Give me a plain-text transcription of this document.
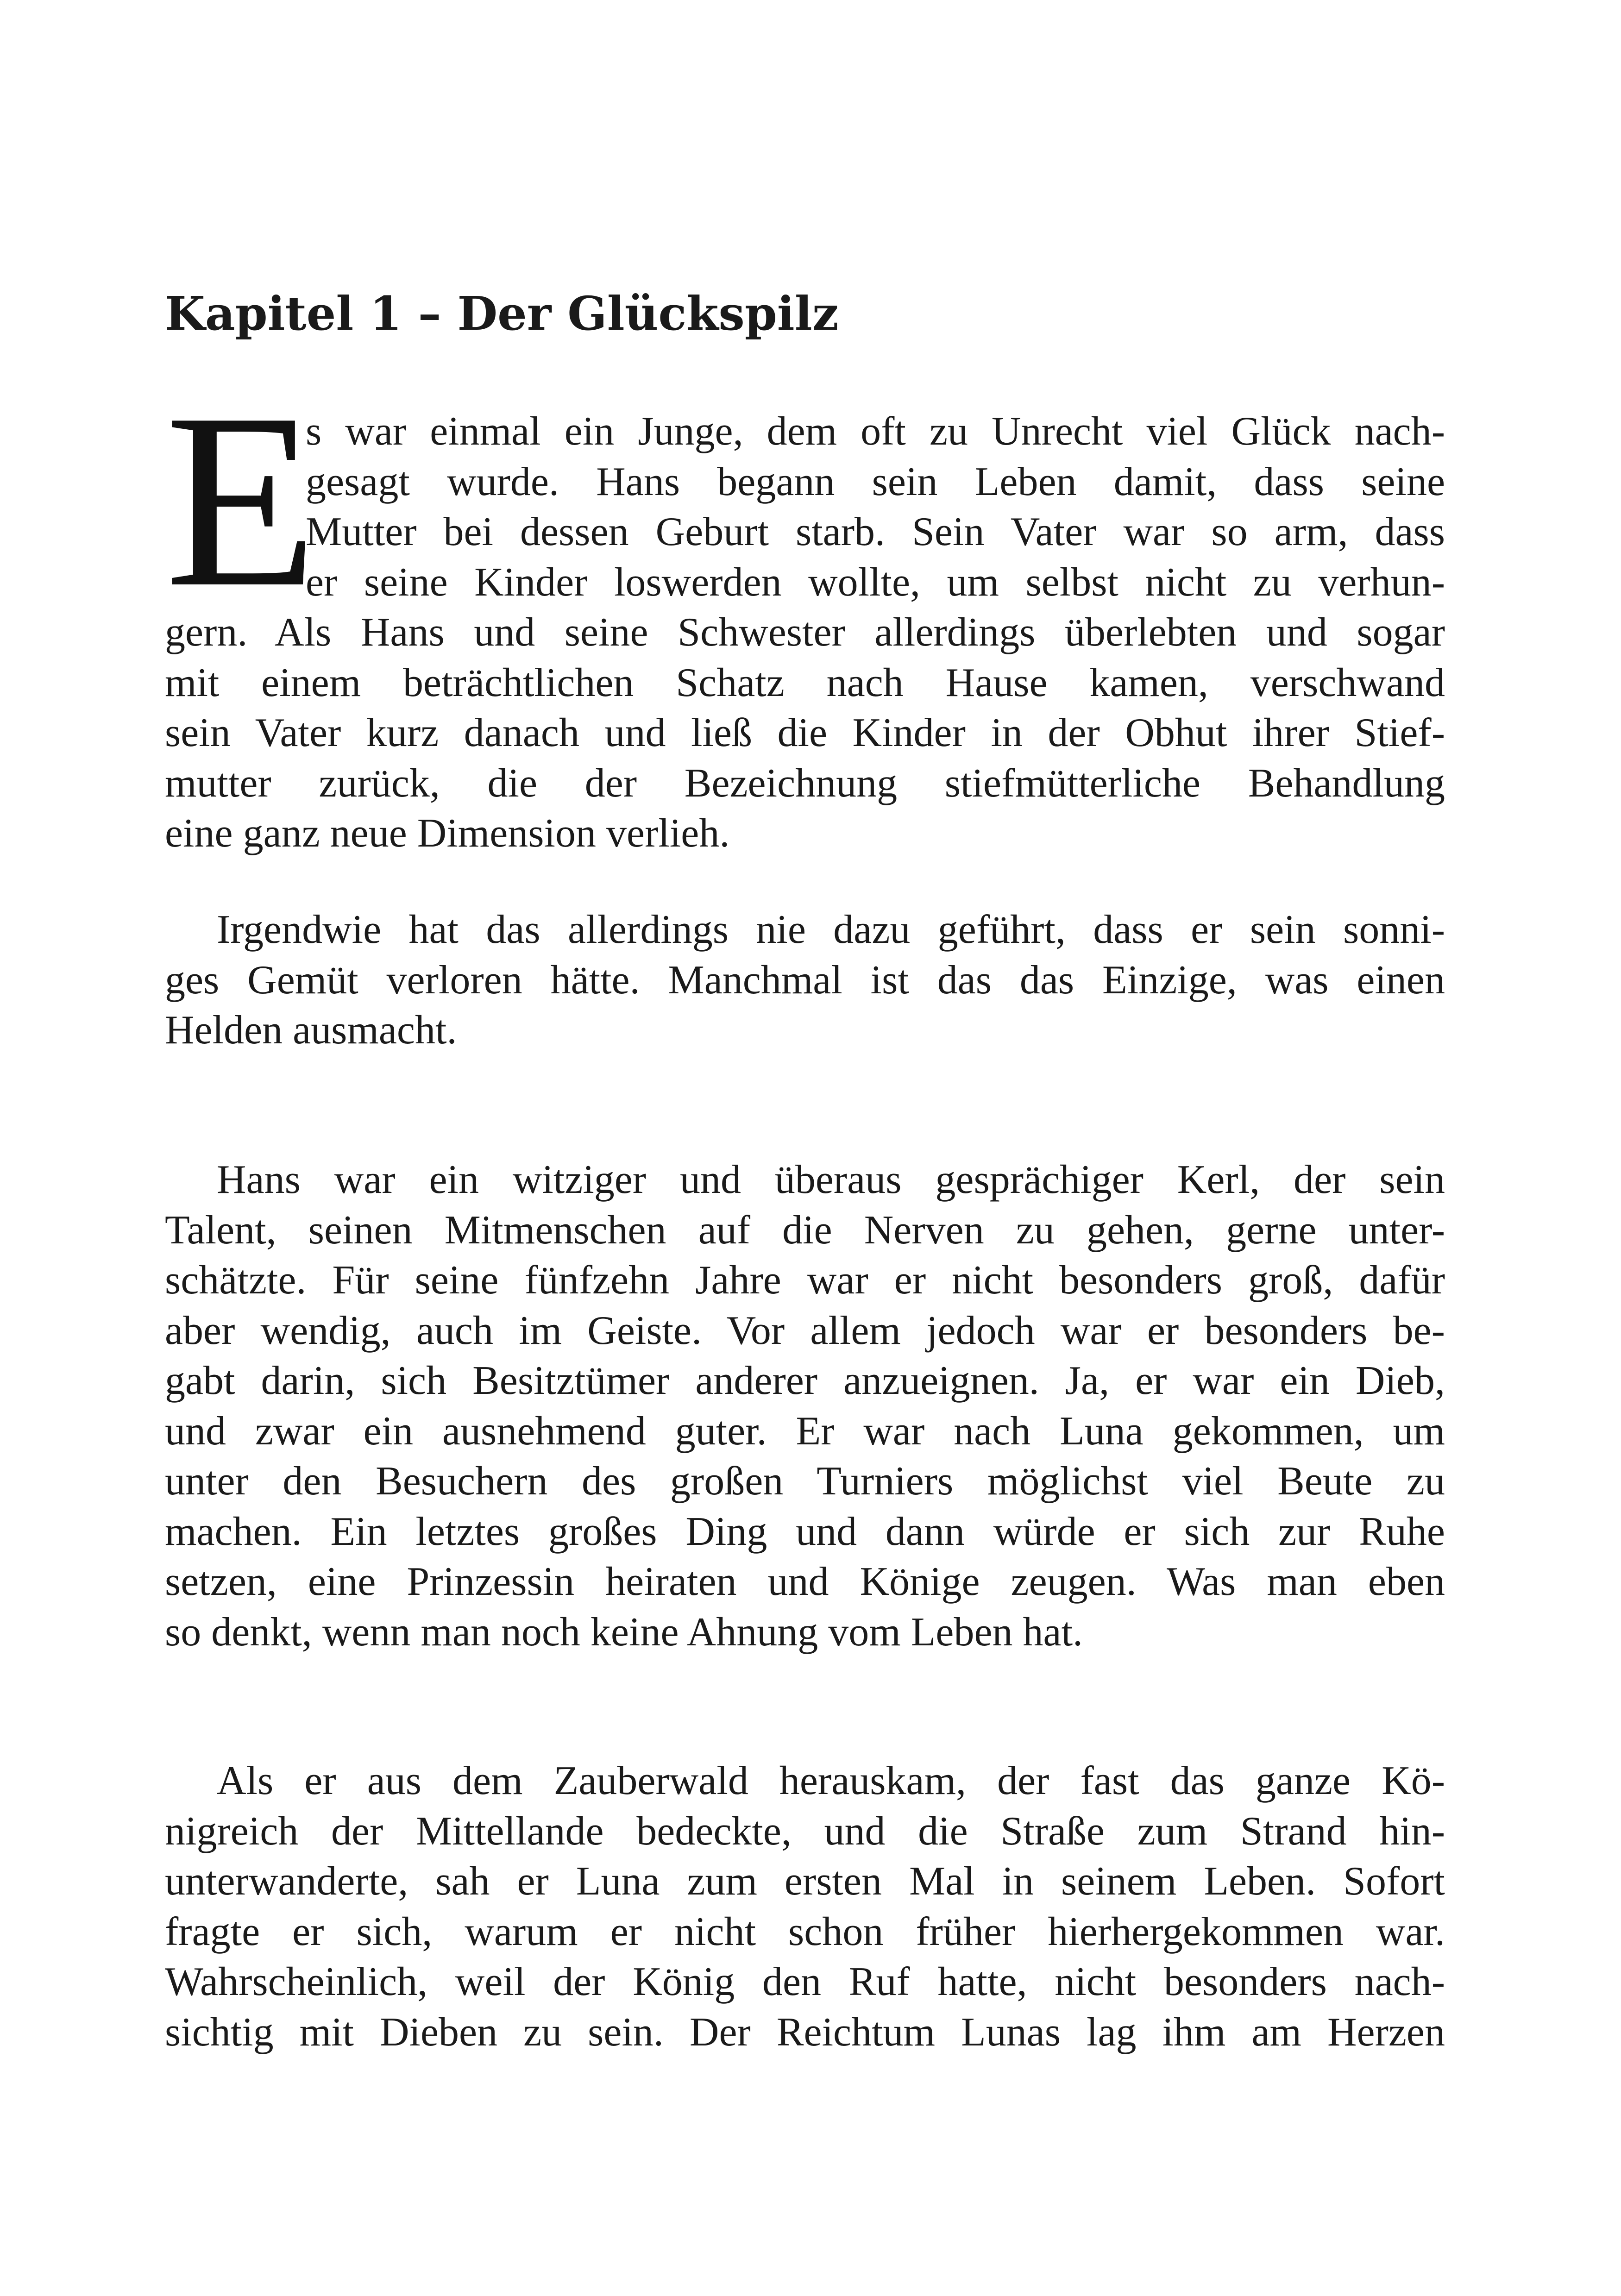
Kapitel 1 – Der Glückspilz
E
s war einmal ein Junge, dem oft zu Unrecht viel Glück nach-
gesagt wurde. Hans begann sein Leben damit, dass seine
Mutter bei dessen Geburt starb. Sein Vater war so arm, dass
er seine Kinder loswerden wollte, um selbst nicht zu verhun-
gern. Als Hans und seine Schwester allerdings überlebten und sogar
mit einem beträchtlichen Schatz nach Hause kamen, verschwand
sein Vater kurz danach und ließ die Kinder in der Obhut ihrer Stief-
mutter zurück, die der Bezeichnung stiefmütterliche Behandlung
eine ganz neue Dimension verlieh.
Irgendwie hat das allerdings nie dazu geführt, dass er sein sonni-
ges Gemüt verloren hätte. Manchmal ist das das Einzige, was einen
Helden ausmacht.
Hans war ein witziger und überaus gesprächiger Kerl, der sein
Talent, seinen Mitmenschen auf die Nerven zu gehen, gerne unter-
schätzte. Für seine fünfzehn Jahre war er nicht besonders groß, dafür
aber wendig, auch im Geiste. Vor allem jedoch war er besonders be-
gabt darin, sich Besitztümer anderer anzueignen. Ja, er war ein Dieb,
und zwar ein ausnehmend guter. Er war nach Luna gekommen, um
unter den Besuchern des großen Turniers möglichst viel Beute zu
machen. Ein letztes großes Ding und dann würde er sich zur Ruhe
setzen, eine Prinzessin heiraten und Könige zeugen. Was man eben
so denkt, wenn man noch keine Ahnung vom Leben hat.
Als er aus dem Zauberwald herauskam, der fast das ganze Kö-
nigreich der Mittellande bedeckte, und die Straße zum Strand hin-
unterwanderte, sah er Luna zum ersten Mal in seinem Leben. Sofort
fragte er sich, warum er nicht schon früher hierhergekommen war.
Wahrscheinlich, weil der König den Ruf hatte, nicht besonders nach-
sichtig mit Dieben zu sein. Der Reichtum Lunas lag ihm am Herzen
